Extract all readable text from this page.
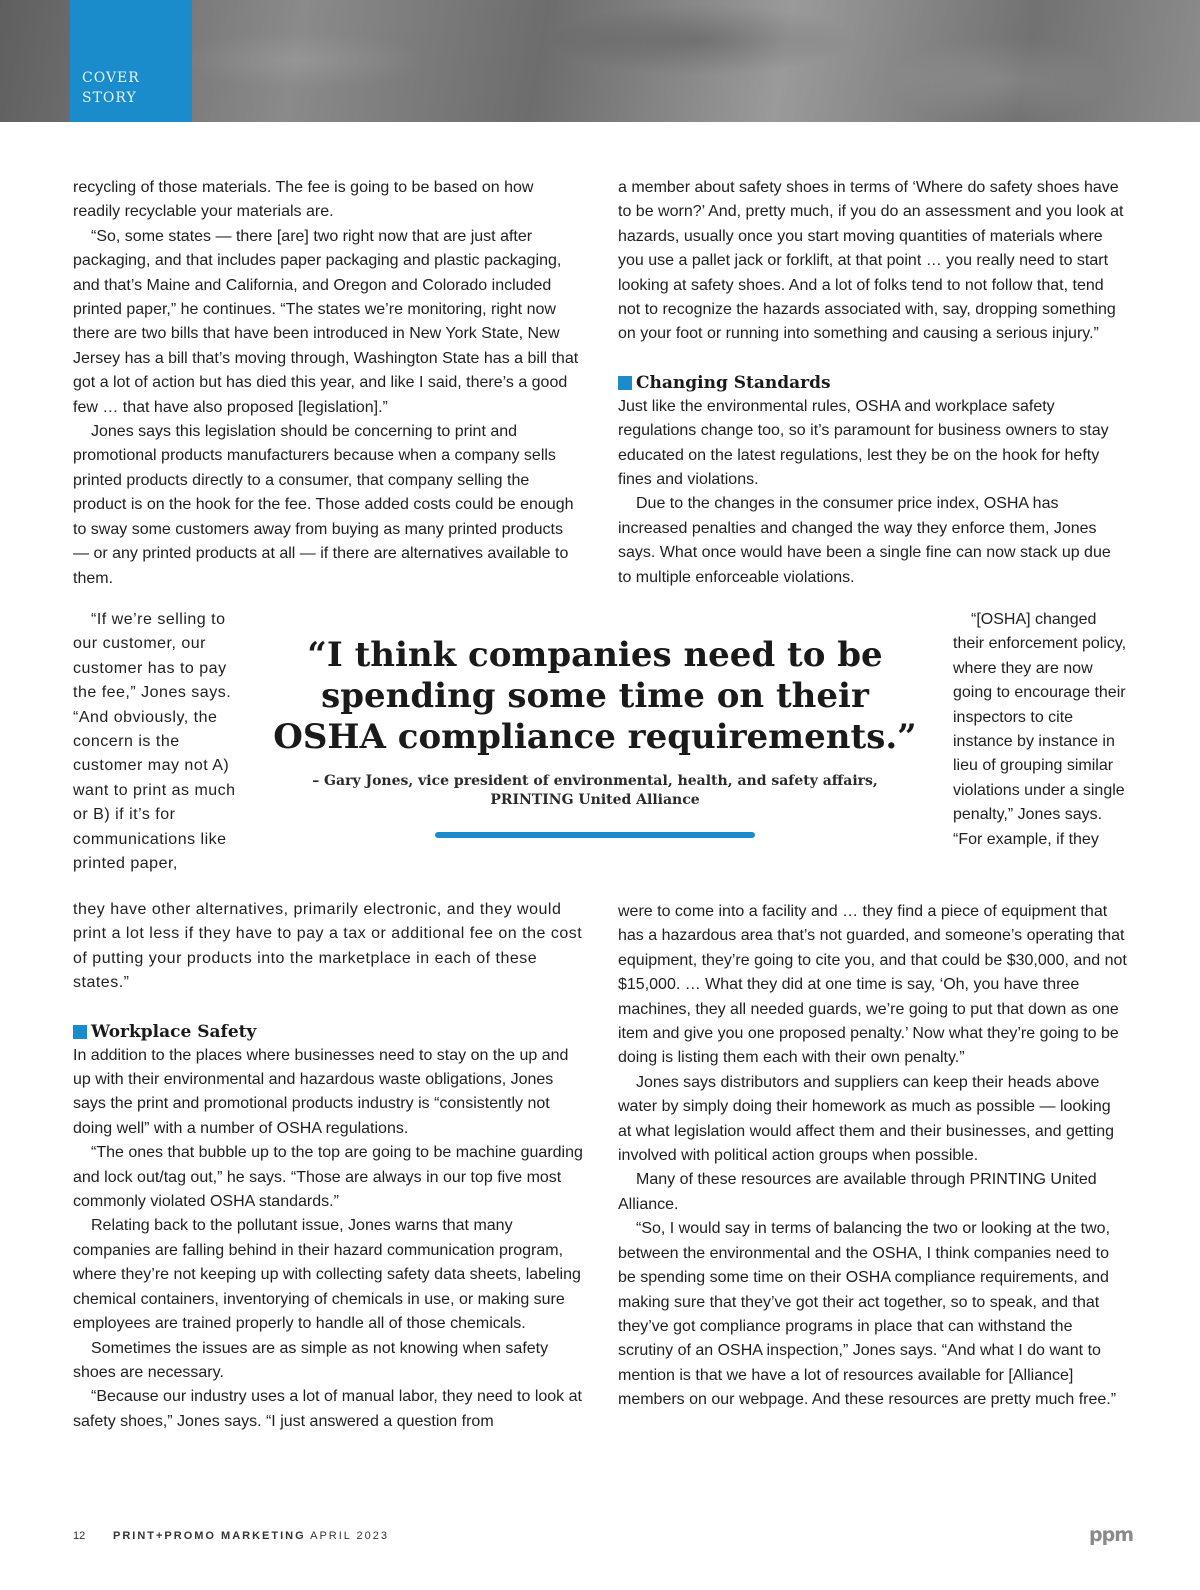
COVER
STORY

recycling of those materials. The fee is going to be based on how readily recyclable your materials are.

“So, some states — there [are] two right now that are just after packaging, and that includes paper packaging and plastic packaging, and that’s Maine and California, and Oregon and Colorado included printed paper,” he continues. “The states we’re monitoring, right now there are two bills that have been introduced in New York State, New Jersey has a bill that’s moving through, Washington State has a bill that got a lot of action but has died this year, and like I said, there’s a good few … that have also proposed [legislation].”

Jones says this legislation should be concerning to print and promotional products manufacturers because when a company sells printed products directly to a consumer, that company selling the product is on the hook for the fee. Those added costs could be enough to sway some customers away from buying as many printed products — or any printed products at all — if there are alternatives available to them.

“If we’re selling to our customer, our customer has to pay the fee,” Jones says. “And obviously, the concern is the customer may not A) want to print as much or B) if it’s for communications like printed paper,

they have other alternatives, primarily electronic, and they would print a lot less if they have to pay a tax or additional fee on the cost of putting your products into the marketplace in each of these states.”

Workplace Safety

In addition to the places where businesses need to stay on the up and up with their environmental and hazardous waste obligations, Jones says the print and promotional products industry is “consistently not doing well” with a number of OSHA regulations.

“The ones that bubble up to the top are going to be machine guarding and lock out/tag out,” he says. “Those are always in our top five most commonly violated OSHA standards.”

Relating back to the pollutant issue, Jones warns that many companies are falling behind in their hazard communication program, where they’re not keeping up with collecting safety data sheets, labeling chemical containers, inventorying of chemicals in use, or making sure employees are trained properly to handle all of those chemicals.

Sometimes the issues are as simple as not knowing when safety shoes are necessary.

“Because our industry uses a lot of manual labor, they need to look at safety shoes,” Jones says. “I just answered a question from

a member about safety shoes in terms of ‘Where do safety shoes have to be worn?’ And, pretty much, if you do an assessment and you look at hazards, usually once you start moving quantities of materials where you use a pallet jack or forklift, at that point … you really need to start looking at safety shoes. And a lot of folks tend to not follow that, tend not to recognize the hazards associated with, say, dropping something on your foot or running into something and causing a serious injury.”

Changing Standards

Just like the environmental rules, OSHA and workplace safety regulations change too, so it’s paramount for business owners to stay educated on the latest regulations, lest they be on the hook for hefty fines and violations.

Due to the changes in the consumer price index, OSHA has increased penalties and changed the way they enforce them, Jones says. What once would have been a single fine can now stack up due to multiple enforceable violations.

“[OSHA] changed their enforcement policy, where they are now going to encourage their inspectors to cite instance by instance in lieu of grouping similar violations under a single penalty,” Jones says. “For example, if they

were to come into a facility and … they find a piece of equipment that has a hazardous area that’s not guarded, and someone’s operating that equipment, they’re going to cite you, and that could be $30,000, and not $15,000. … What they did at one time is say, ‘Oh, you have three machines, they all needed guards, we’re going to put that down as one item and give you one proposed penalty.’ Now what they’re going to be doing is listing them each with their own penalty.”

Jones says distributors and suppliers can keep their heads above water by simply doing their homework as much as possible — looking at what legislation would affect them and their businesses, and getting involved with political action groups when possible.

Many of these resources are available through PRINTING United Alliance.

“So, I would say in terms of balancing the two or looking at the two, between the environmental and the OSHA, I think companies need to be spending some time on their OSHA compliance requirements, and making sure that they’ve got their act together, so to speak, and that they’ve got compliance programs in place that can withstand the scrutiny of an OSHA inspection,” Jones says. “And what I do want to mention is that we have a lot of resources available for [Alliance] members on our webpage. And these resources are pretty much free.”

“I think companies need to be spending some time on their OSHA compliance requirements.”
– Gary Jones, vice president of environmental, health, and safety affairs,
PRINTING United Alliance
12	PRINT+PROMO MARKETING APRIL 2023	ppm
